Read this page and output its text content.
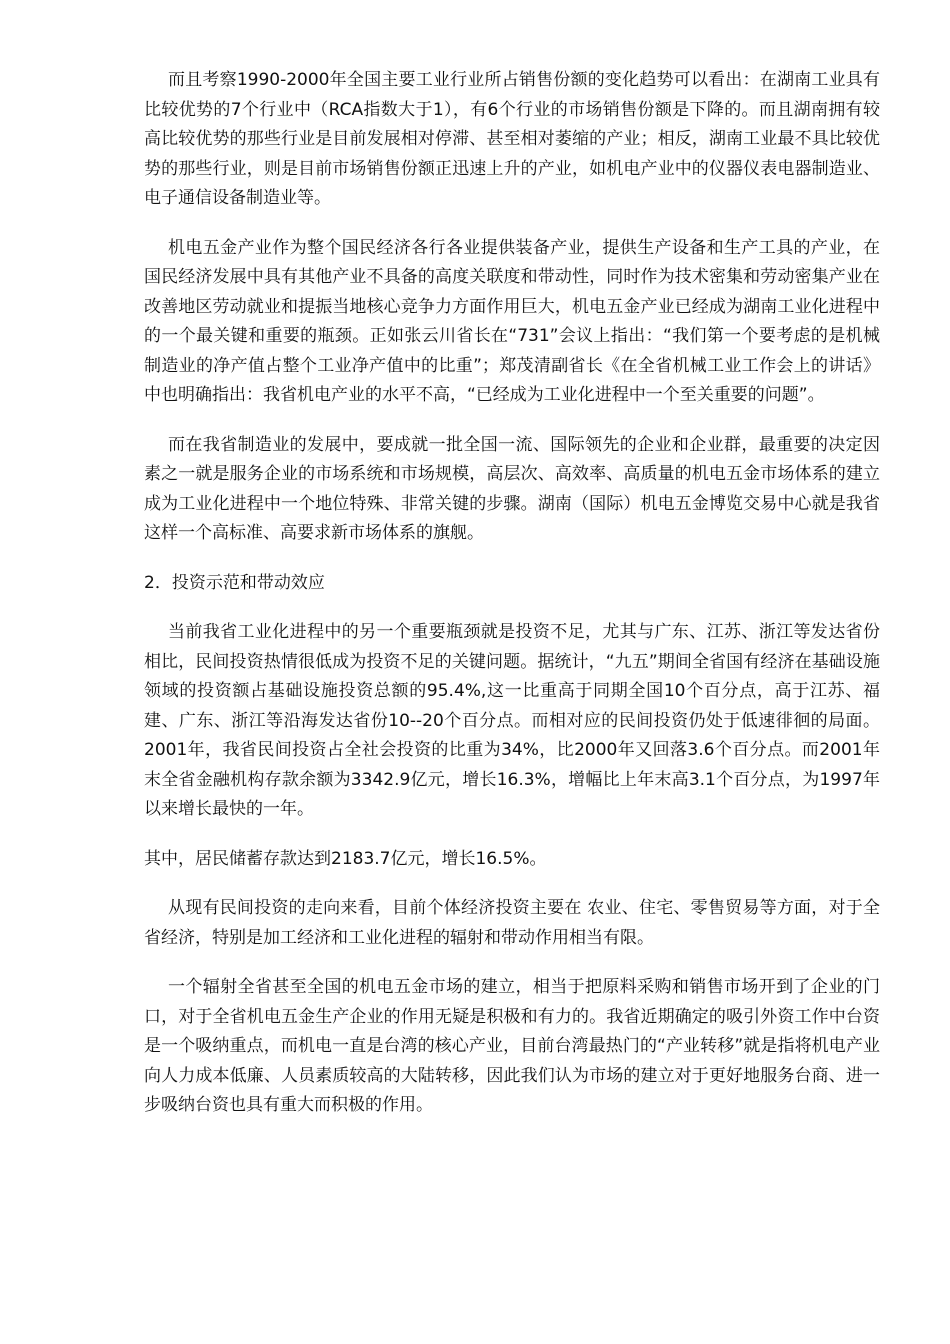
而且考察1990-2000年全国主要工业行业所占销售份额的变化趋势可以看出：在湖南工业具有比较优势的7个行业中（RCA指数大于1），有6个行业的市场销售份额是下降的。而且湖南拥有较高比较优势的那些行业是目前发展相对停滞、甚至相对萎缩的产业；相反，湖南工业最不具比较优势的那些行业，则是目前市场销售份额正迅速上升的产业，如机电产业中的仪器仪表电器制造业、电子通信设备制造业等。

机电五金产业作为整个国民经济各行各业提供装备产业，提供生产设备和生产工具的产业，在国民经济发展中具有其他产业不具备的高度关联度和带动性，同时作为技术密集和劳动密集产业在改善地区劳动就业和提振当地核心竞争力方面作用巨大，机电五金产业已经成为湖南工业化进程中的一个最关键和重要的瓶颈。正如张云川省长在“731”会议上指出：“我们第一个要考虑的是机械制造业的净产值占整个工业净产值中的比重”；郑茂清副省长《在全省机械工业工作会上的讲话》中也明确指出：我省机电产业的水平不高，“已经成为工业化进程中一个至关重要的问题”。

而在我省制造业的发展中，要成就一批全国一流、国际领先的企业和企业群，最重要的决定因素之一就是服务企业的市场系统和市场规模，高层次、高效率、高质量的机电五金市场体系的建立成为工业化进程中一个地位特殊、非常关键的步骤。湖南（国际）机电五金博览交易中心就是我省这样一个高标准、高要求新市场体系的旗舰。

2．投资示范和带动效应

当前我省工业化进程中的另一个重要瓶颈就是投资不足，尤其与广东、江苏、浙江等发达省份相比，民间投资热情很低成为投资不足的关键问题。据统计，“九五”期间全省国有经济在基础设施领域的投资额占基础设施投资总额的95.4%,这一比重高于同期全国10个百分点，高于江苏、福建、广东、浙江等沿海发达省份10--20个百分点。而相对应的民间投资仍处于低速徘徊的局面。2001年，我省民间投资占全社会投资的比重为34%，比2000年又回落3.6个百分点。而2001年末全省金融机构存款余额为3342.9亿元，增长16.3%，增幅比上年末高3.1个百分点，为1997年以来增长最快的一年。

其中，居民储蓄存款达到2183.7亿元，增长16.5%。

从现有民间投资的走向来看，目前个体经济投资主要在 农业、住宅、零售贸易等方面，对于全省经济，特别是加工经济和工业化进程的辐射和带动作用相当有限。

一个辐射全省甚至全国的机电五金市场的建立，相当于把原料采购和销售市场开到了企业的门口，对于全省机电五金生产企业的作用无疑是积极和有力的。我省近期确定的吸引外资工作中台资是一个吸纳重点，而机电一直是台湾的核心产业，目前台湾最热门的“产业转移”就是指将机电产业向人力成本低廉、人员素质较高的大陆转移，因此我们认为市场的建立对于更好地服务台商、进一步吸纳台资也具有重大而积极的作用。
